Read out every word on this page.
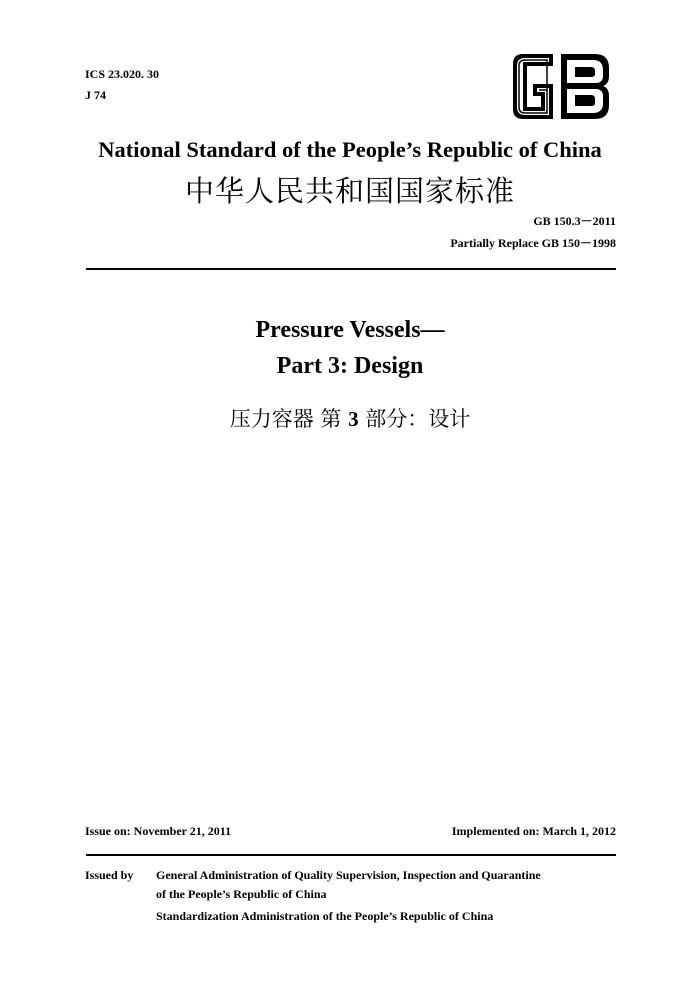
ICS 23.020. 30
J 74
National Standard of the People’s Republic of China
中华人民共和国国家标准
GB 150.3－2011
Partially Replace GB 150－1998
Pressure Vessels—
Part 3: Design
压力容器 第 3 部分：设计
Issue on: November 21, 2011	Implemented on: March 1, 2012
Issued by General Administration of Quality Supervision, Inspection and Quarantine
of the People’s Republic of China
Standardization Administration of the People’s Republic of China
